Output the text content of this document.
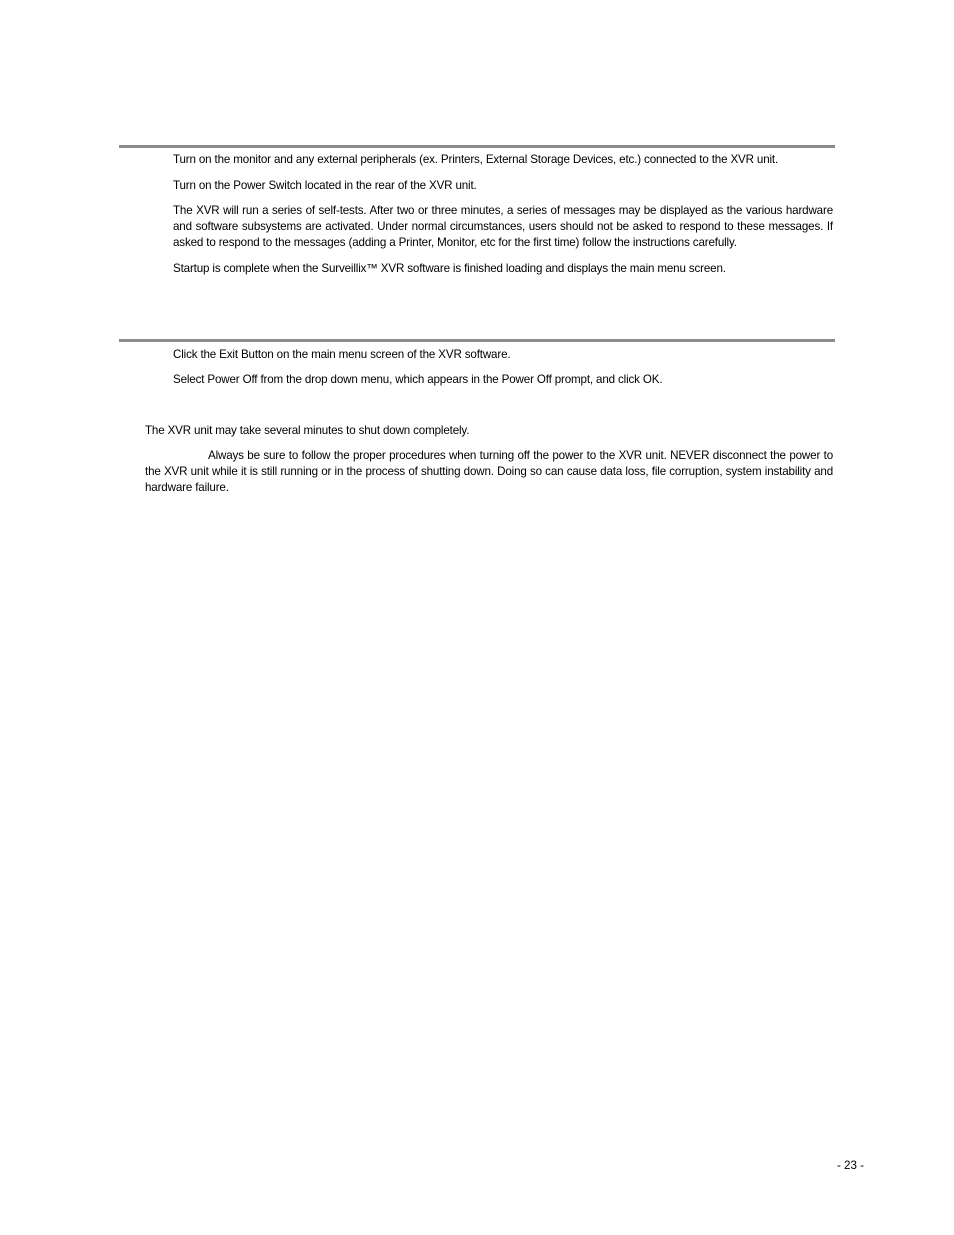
Turn on the monitor and any external peripherals (ex. Printers, External Storage Devices, etc.) connected to the XVR unit.

Turn on the Power Switch located in the rear of the XVR unit.

The XVR will run a series of self-tests. After two or three minutes, a series of messages may be displayed as the various hardware and software subsystems are activated. Under normal circumstances, users should not be asked to respond to these messages. If asked to respond to the messages (adding a Printer, Monitor, etc for the first time) follow the instructions carefully.

Startup is complete when the Surveillix™ XVR software is finished loading and displays the main menu screen.

Click the Exit Button on the main menu screen of the XVR software.

Select Power Off from the drop down menu, which appears in the Power Off prompt, and click OK.

The XVR unit may take several minutes to shut down completely.

Always be sure to follow the proper procedures when turning off the power to the XVR unit. NEVER disconnect the power to the XVR unit while it is still running or in the process of shutting down. Doing so can cause data loss, file corruption, system instability and hardware failure.

- 23 -
